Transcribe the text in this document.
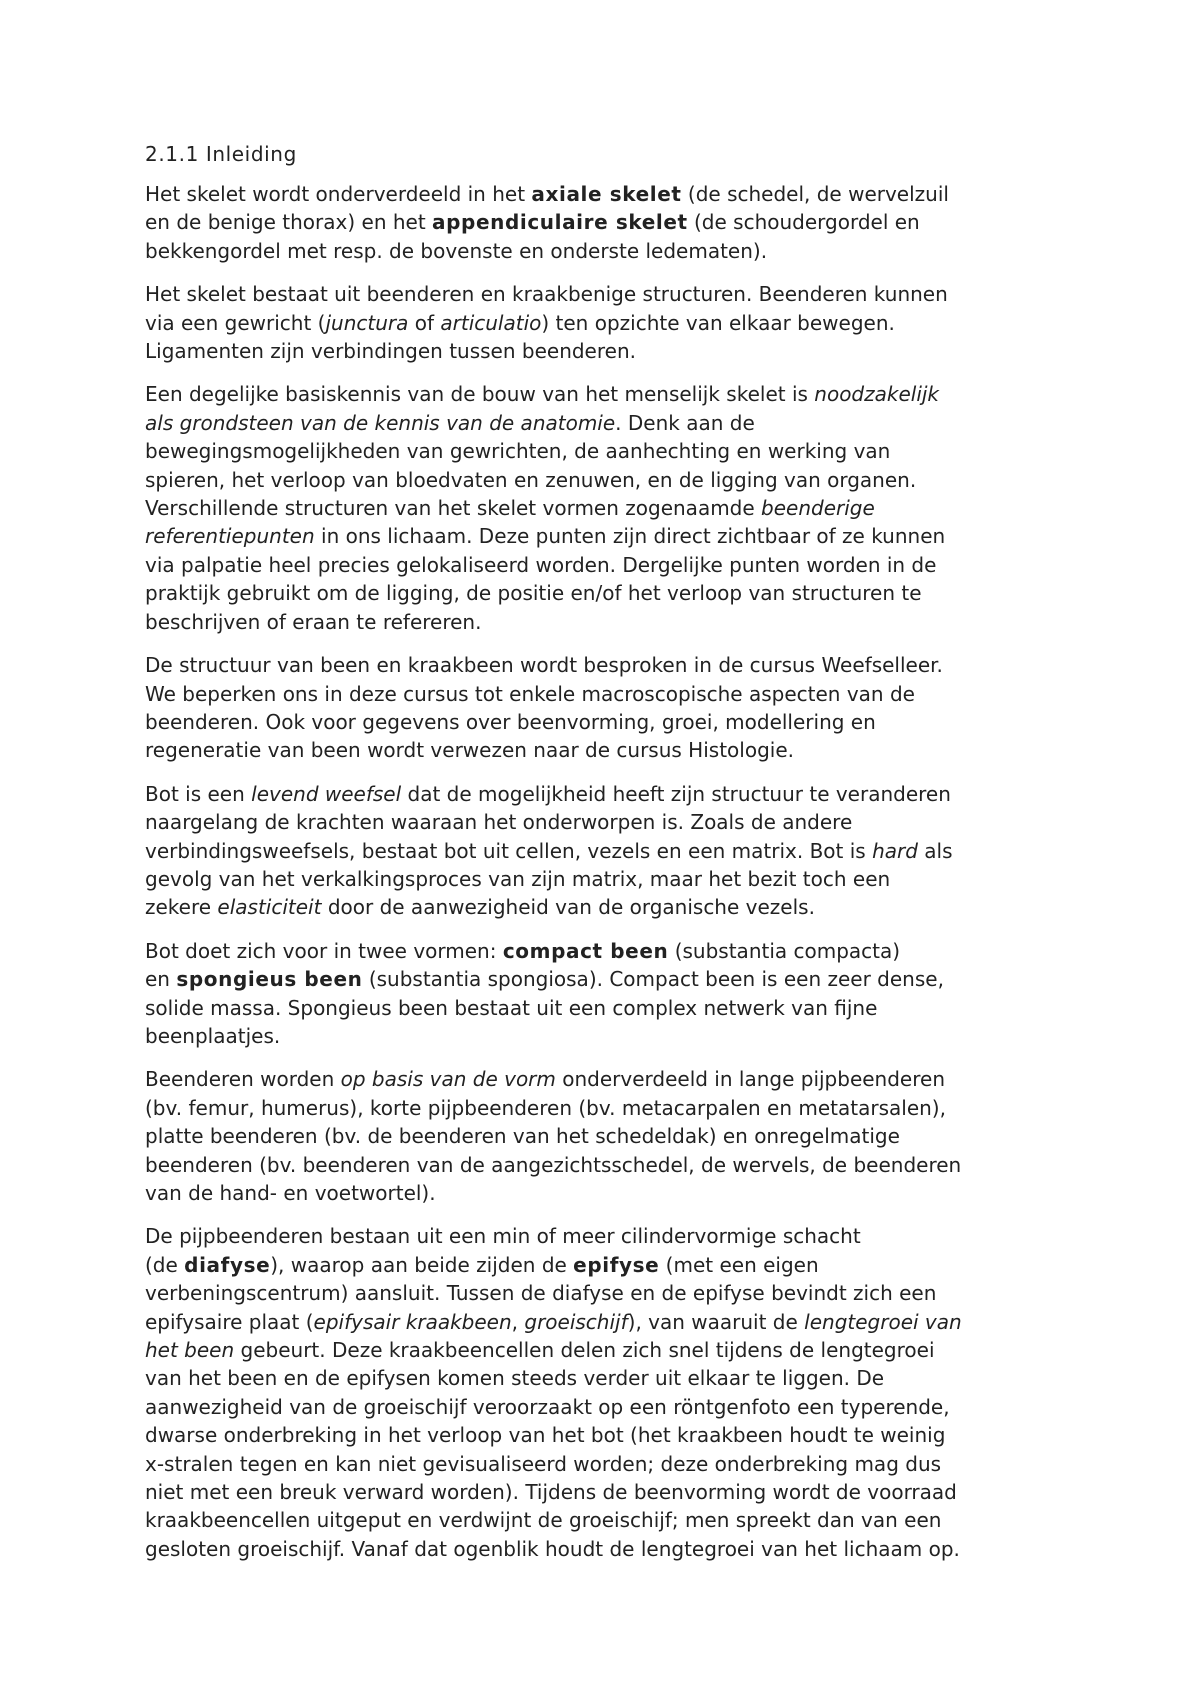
2.1.1 Inleiding

Het skelet wordt onderverdeeld in het axiale skelet (de schedel, de wervelzuil
en de benige thorax) en het appendiculaire skelet (de schoudergordel en
bekkengordel met resp. de bovenste en onderste ledematen).

Het skelet bestaat uit beenderen en kraakbenige structuren. Beenderen kunnen
via een gewricht (junctura of articulatio) ten opzichte van elkaar bewegen.
Ligamenten zijn verbindingen tussen beenderen.

Een degelijke basiskennis van de bouw van het menselijk skelet is noodzakelijk
als grondsteen van de kennis van de anatomie. Denk aan de
bewegingsmogelijkheden van gewrichten, de aanhechting en werking van
spieren, het verloop van bloedvaten en zenuwen, en de ligging van organen.
Verschillende structuren van het skelet vormen zogenaamde beenderige
referentiepunten in ons lichaam. Deze punten zijn direct zichtbaar of ze kunnen
via palpatie heel precies gelokaliseerd worden. Dergelijke punten worden in de
praktijk gebruikt om de ligging, de positie en/of het verloop van structuren te
beschrijven of eraan te refereren.

De structuur van been en kraakbeen wordt besproken in de cursus Weefselleer.
We beperken ons in deze cursus tot enkele macroscopische aspecten van de
beenderen. Ook voor gegevens over beenvorming, groei, modellering en
regeneratie van been wordt verwezen naar de cursus Histologie.

Bot is een levend weefsel dat de mogelijkheid heeft zijn structuur te veranderen
naargelang de krachten waaraan het onderworpen is. Zoals de andere
verbindingsweefsels, bestaat bot uit cellen, vezels en een matrix. Bot is hard als
gevolg van het verkalkingsproces van zijn matrix, maar het bezit toch een
zekere elasticiteit door de aanwezigheid van de organische vezels.

Bot doet zich voor in twee vormen: compact been (substantia compacta)
en spongieus been (substantia spongiosa). Compact been is een zeer dense,
solide massa. Spongieus been bestaat uit een complex netwerk van fijne
beenplaatjes.

Beenderen worden op basis van de vorm onderverdeeld in lange pijpbeenderen
(bv. femur, humerus), korte pijpbeenderen (bv. metacarpalen en metatarsalen),
platte beenderen (bv. de beenderen van het schedeldak) en onregelmatige
beenderen (bv. beenderen van de aangezichtsschedel, de wervels, de beenderen
van de hand- en voetwortel).

De pijpbeenderen bestaan uit een min of meer cilindervormige schacht
(de diafyse), waarop aan beide zijden de epifyse (met een eigen
verbeningscentrum) aansluit. Tussen de diafyse en de epifyse bevindt zich een
epifysaire plaat (epifysair kraakbeen, groeischijf), van waaruit de lengtegroei van
het been gebeurt. Deze kraakbeencellen delen zich snel tijdens de lengtegroei
van het been en de epifysen komen steeds verder uit elkaar te liggen. De
aanwezigheid van de groeischijf veroorzaakt op een röntgenfoto een typerende,
dwarse onderbreking in het verloop van het bot (het kraakbeen houdt te weinig
x-stralen tegen en kan niet gevisualiseerd worden; deze onderbreking mag dus
niet met een breuk verward worden). Tijdens de beenvorming wordt de voorraad
kraakbeencellen uitgeput en verdwijnt de groeischijf; men spreekt dan van een
gesloten groeischijf. Vanaf dat ogenblik houdt de lengtegroei van het lichaam op.
